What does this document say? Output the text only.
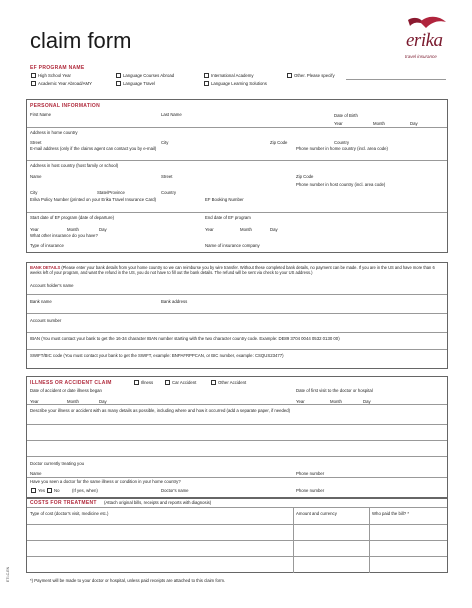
claim form	erika
travel insurance
EF PROGRAM NAME
High School Year
Academic Year Abroad/AMY
Language Courses Abroad
Language Travel
International Academy
Language Learning Solutions
Other. Please specify
PERSONAL INFORMATION
First Name	Last Name	Date of Birth
Year	Month	Day
Address in home country
Street	City	Zip Code	Country
E-mail address (only if the claims agent can contact you by e-mail)	Phone number in home country (incl. area code)
Address in host country (host family or school)
Name	Street	Zip Code
Phone number in host country (incl. area code)
City	State/Province	Country
Erika Policy Number (printed on your Erika Travel Insurance Card)	EF Booking Number
Start date of EF program (date of departure)	End date of EF program
Year	Month	Day	Year	Month	Day
What other insurance do you have?
Type of insurance	Name of insurance company
BANK DETAILS (Please enter your bank details from your home country so we can reimburse you by wire transfer. Without these completed bank details, no payment can be made. If you are in the US and have more than 6 weeks left of your program, and want the refund in the US, you do not have to fill out the bank details. The refund will be sent via check to your US address.)
Account holder's name
Bank name	Bank address
Account number
IBAN (You must contact your bank to get the 16-34 character IBAN number starting with the two character country code. Example: DE89 3704 0044 0532 0130 00)
SWIFT/BIC code (You must contact your bank to get the SWIFT, example: BNPAFRPPCAN, or BIC number, example: CSQUS23477)
ILLNESS OR ACCIDENT CLAIM	Illness	Car Accident	Other Accident
Date of accident or date illness began	Date of first visit to the doctor or hospital
Year	Month	Day	Year	Month	Day
Describe your illness or accident with as many details as possible, including where and how it occurred (add a separate paper, if needed)
Doctor currently treating you
Name	Phone number
Have you seen a doctor for the same illness or condition in your home country?
Yes No	(If yes, when)	Doctor's name	Phone number
COSTS FOR TREATMENT (Attach original bills, receipts and reports with diagnosis)
Type of cost (doctor's visit, medicine etc.)	Amount and currency	Who paid the bill? *
*) Payment will be made to your doctor or hospital, unless paid receipts are attached to this claim form.
ETI-C-EN
